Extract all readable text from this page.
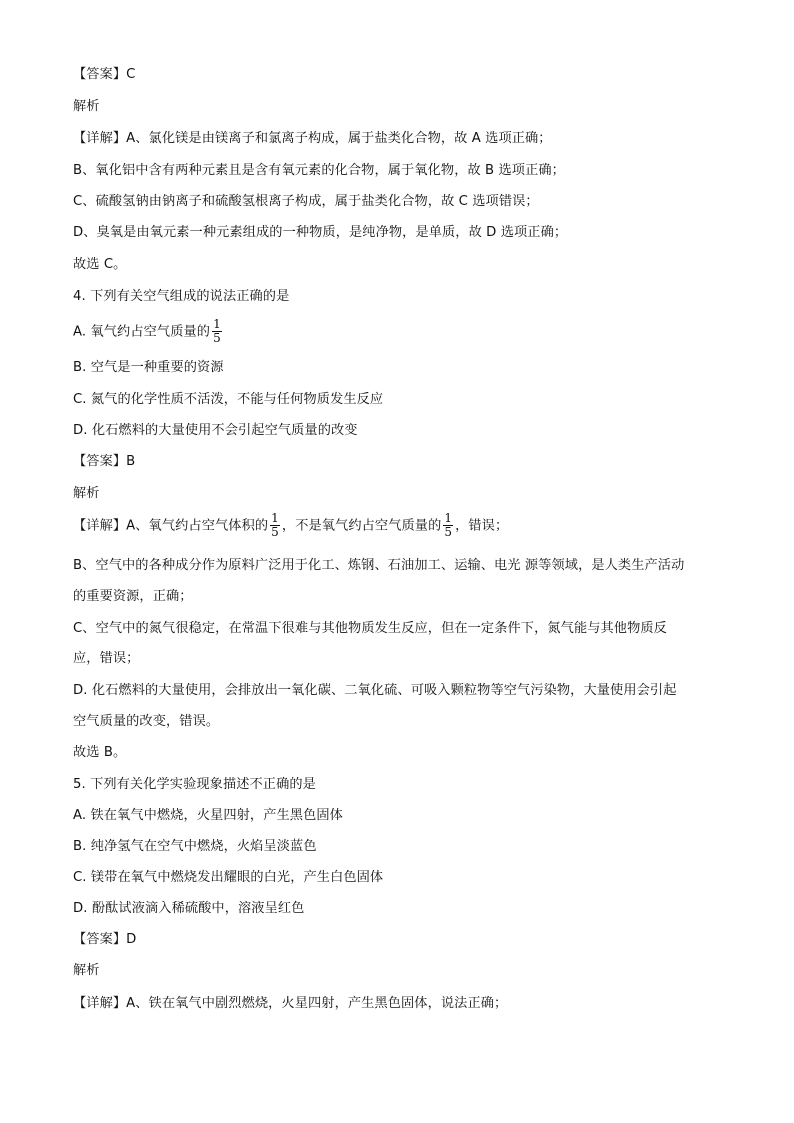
【答案】C
解析
【详解】A、氯化镁是由镁离子和氯离子构成，属于盐类化合物，故 A 选项正确；
B、氧化铝中含有两种元素且是含有氧元素的化合物，属于氧化物，故 B 选项正确；
C、硫酸氢钠由钠离子和硫酸氢根离子构成，属于盐类化合物，故 C 选项错误；
D、臭氧是由氧元素一种元素组成的一种物质，是纯净物，是单质，故 D 选项正确；
故选 C。
4. 下列有关空气组成的说法正确的是
A. 氧气约占空气质量的 $\frac{1}{5}$
B. 空气是一种重要的资源
C. 氮气的化学性质不活泼，不能与任何物质发生反应
D. 化石燃料的大量使用不会引起空气质量的改变
【答案】B
解析
【详解】A、氧气约占空气体积的 $\frac{1}{5}$ ，不是氧气约占空气质量的 $\frac{1}{5}$ ，错误；
B、空气中的各种成分作为原料广泛用于化工、炼钢、石油加工、运输、电光 源等领域，是人类生产活动
的重要资源，正确；
C、空气中的氮气很稳定，在常温下很难与其他物质发生反应，但在一定条件下，氮气能与其他物质反
应，错误；
D. 化石燃料的大量使用，会排放出一氧化碳、二氧化硫、可吸入颗粒物等空气污染物，大量使用会引起
空气质量的改变，错误。
故选 B。
5. 下列有关化学实验现象描述不正确的是
A. 铁在氧气中燃烧，火星四射，产生黑色固体
B. 纯净氢气在空气中燃烧，火焰呈淡蓝色
C. 镁带在氧气中燃烧发出耀眼的白光，产生白色固体
D. 酚酞试液滴入稀硫酸中，溶液呈红色
【答案】D
解析
【详解】A、铁在氧气中剧烈燃烧，火星四射，产生黑色固体，说法正确；
